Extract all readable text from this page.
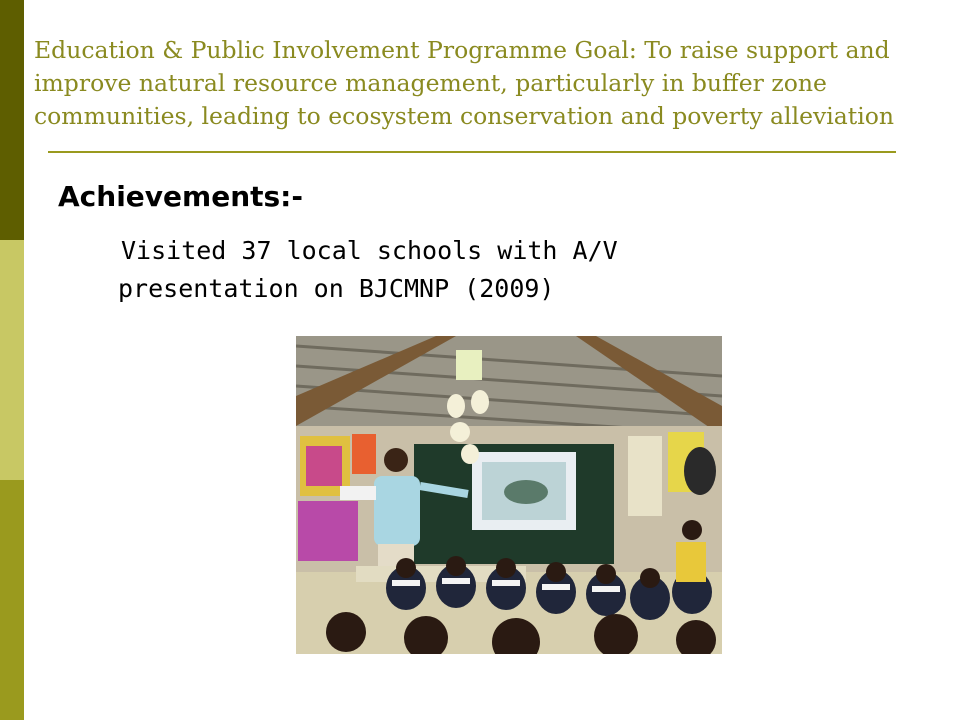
Education & Public Involvement Programme Goal: To raise support and improve natural resource management, particularly in buffer zone communities, leading to ecosystem conservation and poverty alleviation
Achievements:-

Visited 37 local schools with A/V
presentation on BJCMNP (2009)
